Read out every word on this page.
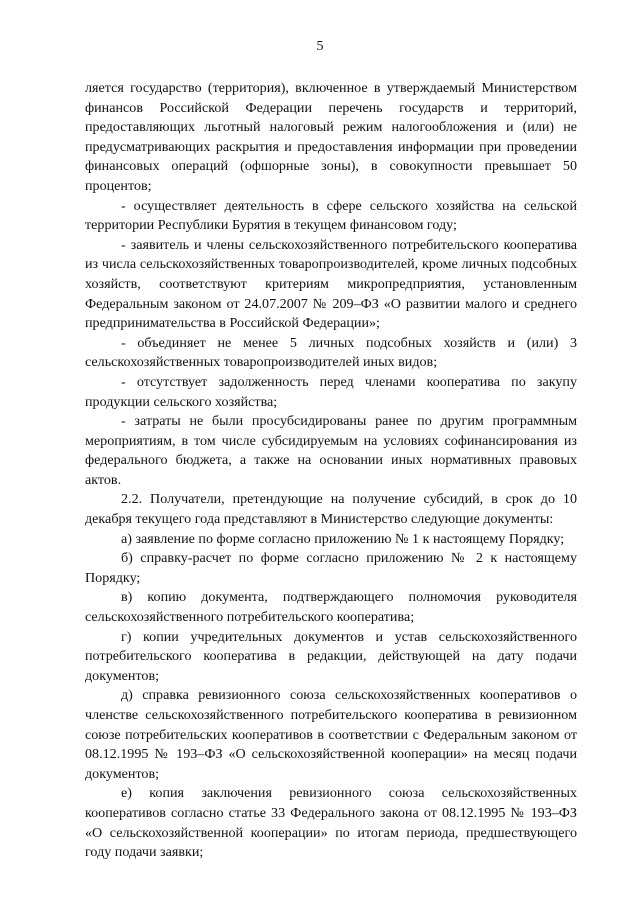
5

ляется государство (территория), включенное в утверждаемый Министерством финансов Российской Федерации перечень государств и территорий, предоставляющих льготный налоговый режим налогообложения и (или) не предусматривающих раскрытия и предоставления информации при проведении финансовых операций (офшорные зоны), в совокупности превышает 50 процентов;

- осуществляет деятельность в сфере сельского хозяйства на сельской территории Республики Бурятия в текущем финансовом году;

- заявитель и члены сельскохозяйственного потребительского кооператива из числа сельскохозяйственных товаропроизводителей, кроме личных подсобных хозяйств, соответствуют критериям микропредприятия, установленным Федеральным законом от 24.07.2007 № 209–ФЗ «О развитии малого и среднего предпринимательства в Российской Федерации»;

- объединяет не менее 5 личных подсобных хозяйств и (или) 3 сельскохозяйственных товаропроизводителей иных видов;

- отсутствует задолженность перед членами кооператива по закупу продукции сельского хозяйства;

- затраты не были просубсидированы ранее по другим программным мероприятиям, в том числе субсидируемым на условиях софинансирования из федерального бюджета, а также на основании иных нормативных правовых актов.

2.2. Получатели, претендующие на получение субсидий, в срок до 10 декабря текущего года представляют в Министерство следующие документы:

а) заявление по форме согласно приложению № 1 к настоящему Порядку;

б) справку-расчет по форме согласно приложению № 2 к настоящему Порядку;

в) копию документа, подтверждающего полномочия руководителя сельскохозяйственного потребительского кооператива;

г) копии учредительных документов и устав сельскохозяйственного потребительского кооператива в редакции, действующей на дату подачи документов;

д) справка ревизионного союза сельскохозяйственных кооперативов о членстве сельскохозяйственного потребительского кооператива в ревизионном союзе потребительских кооперативов в соответствии с Федеральным законом от 08.12.1995 № 193–ФЗ «О сельскохозяйственной кооперации» на месяц подачи документов;

е) копия заключения ревизионного союза сельскохозяйственных кооперативов согласно статье 33 Федерального закона от 08.12.1995 № 193–ФЗ «О сельскохозяйственной кооперации» по итогам периода, предшествующего году подачи заявки;
